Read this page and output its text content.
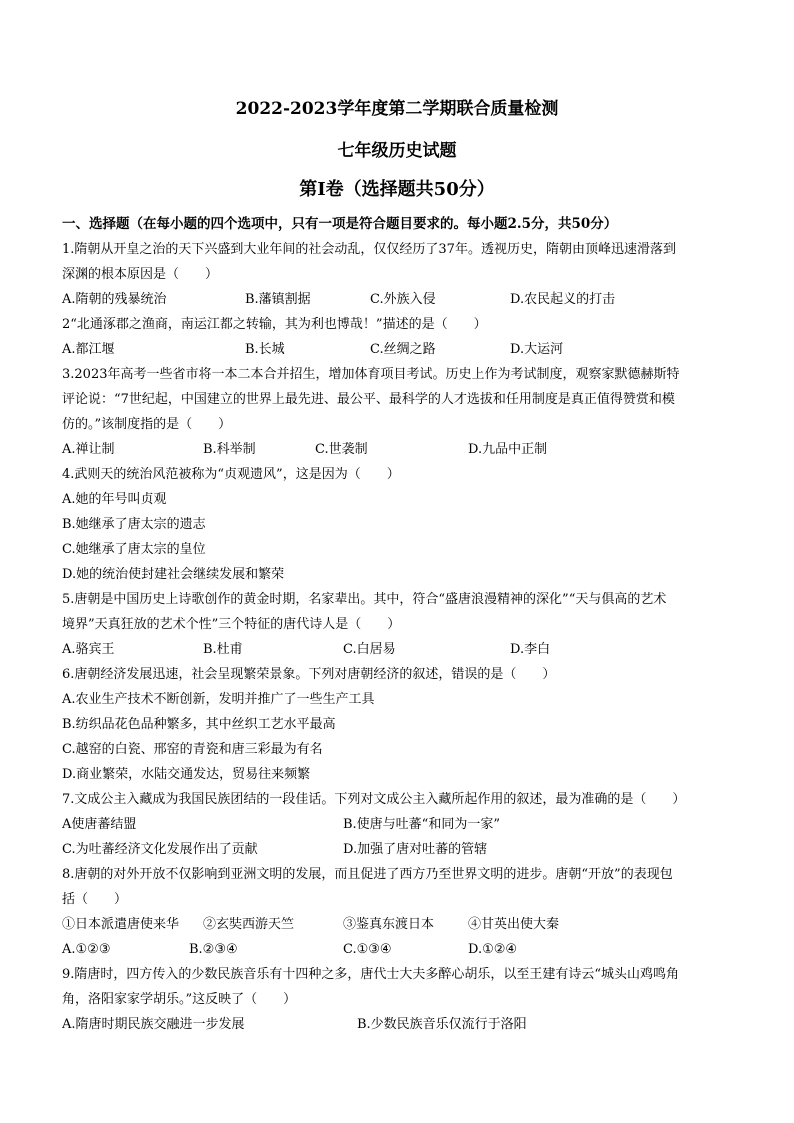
2022-2023学年度第二学期联合质量检测
七年级历史试题
第Ⅰ卷（选择题共50分）
一、选择题（在每小题的四个选项中，只有一项是符合题目要求的。每小题2.5分，共50分）
1.隋朝从开皇之治的天下兴盛到大业年间的社会动乱，仅仅经历了37年。透视历史，隋朝由顶峰迅速滑落到
深渊的根本原因是（　　）
A.隋朝的残暴统治	B.藩镇割据	C.外族入侵	D.农民起义的打击
2“北通涿郡之渔商，南运江都之转输，其为利也博哉！”描述的是（　　）
A.都江堰	B.长城	C.丝绸之路	D.大运河
3.2023年高考一些省市将一本二本合并招生，增加体育项目考试。历史上作为考试制度，观察家默德赫斯特
评论说：“7世纪起，中国建立的世界上最先进、最公平、最科学的人才选拔和任用制度是真正值得赞赏和模
仿的。”该制度指的是（　　）
A.禅让制	B.科举制	C.世袭制	D.九品中正制
4.武则天的统治风范被称为“贞观遗风”，这是因为（　　）
A.她的年号叫贞观
B.她继承了唐太宗的遗志
C.她继承了唐太宗的皇位
D.她的统治使封建社会继续发展和繁荣
5.唐朝是中国历史上诗歌创作的黄金时期，名家辈出。其中，符合“盛唐浪漫精神的深化”“天与俱高的艺术
境界”天真狂放的艺术个性”三个特征的唐代诗人是（　　）
A.骆宾王	B.杜甫	C.白居易	D.李白
6.唐朝经济发展迅速，社会呈现繁荣景象。下列对唐朝经济的叙述，错误的是（　　）
A.农业生产技术不断创新，发明并推广了一些生产工具
B.纺织品花色品种繁多，其中丝织工艺水平最高
C.越窑的白瓷、邢窑的青瓷和唐三彩最为有名
D.商业繁荣，水陆交通发达，贸易往来频繁
7.文成公主入藏成为我国民族团结的一段佳话。下列对文成公主入藏所起作用的叙述，最为准确的是（　　）
A使唐蕃结盟	B.使唐与吐蕃“和同为一家”
C.为吐蕃经济文化发展作出了贡献	D.加强了唐对吐蕃的管辖
8.唐朝的对外开放不仅影响到亚洲文明的发展，而且促进了西方乃至世界文明的进步。唐朝“开放”的表现包
括（　　）
①日本派遣唐使来华 ②玄奘西游天竺	③鉴真东渡日本	④甘英出使大秦
A.①②③	B.②③④	C.①③④	D.①②④
9.隋唐时，四方传入的少数民族音乐有十四种之多，唐代士大夫多醉心胡乐，以至王建有诗云“城头山鸡鸣角
角，洛阳家家学胡乐。”这反映了（　　）
A.隋唐时期民族交融进一步发展	B.少数民族音乐仅流行于洛阳
